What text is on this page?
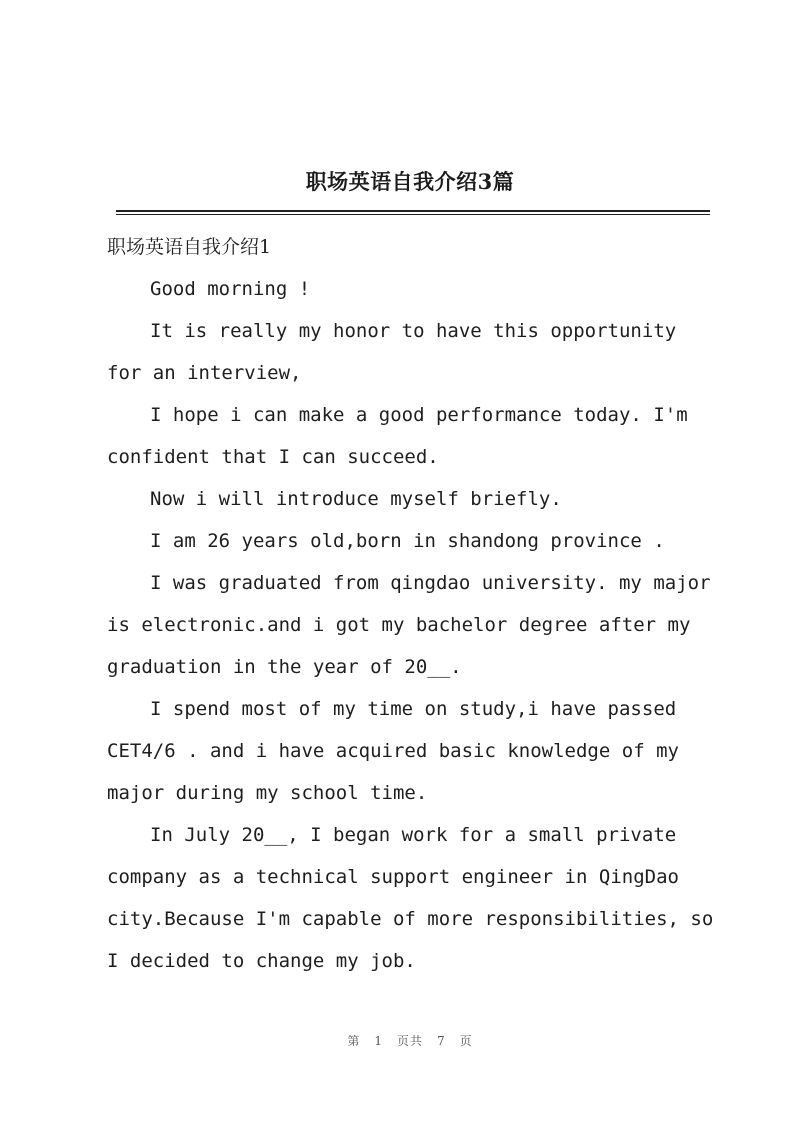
职场英语自我介绍3篇
职场英语自我介绍1

Good morning !

It is really my honor to have this opportunity for an interview,

I hope i can make a good performance today. I'm confident that I can succeed.

Now i will introduce myself briefly.

I am 26 years old,born in shandong province .

I was graduated from qingdao university. my major is electronic.and i got my bachelor degree after my graduation in the year of 20__.

I spend most of my time on study,i have passed CET4/6 . and i have acquired basic knowledge of my major during my school time.

In July 20__, I began work for a small private company as a technical support engineer in QingDao city.Because I'm capable of more responsibilities, so I decided to change my job.

第 1 页共 7 页
